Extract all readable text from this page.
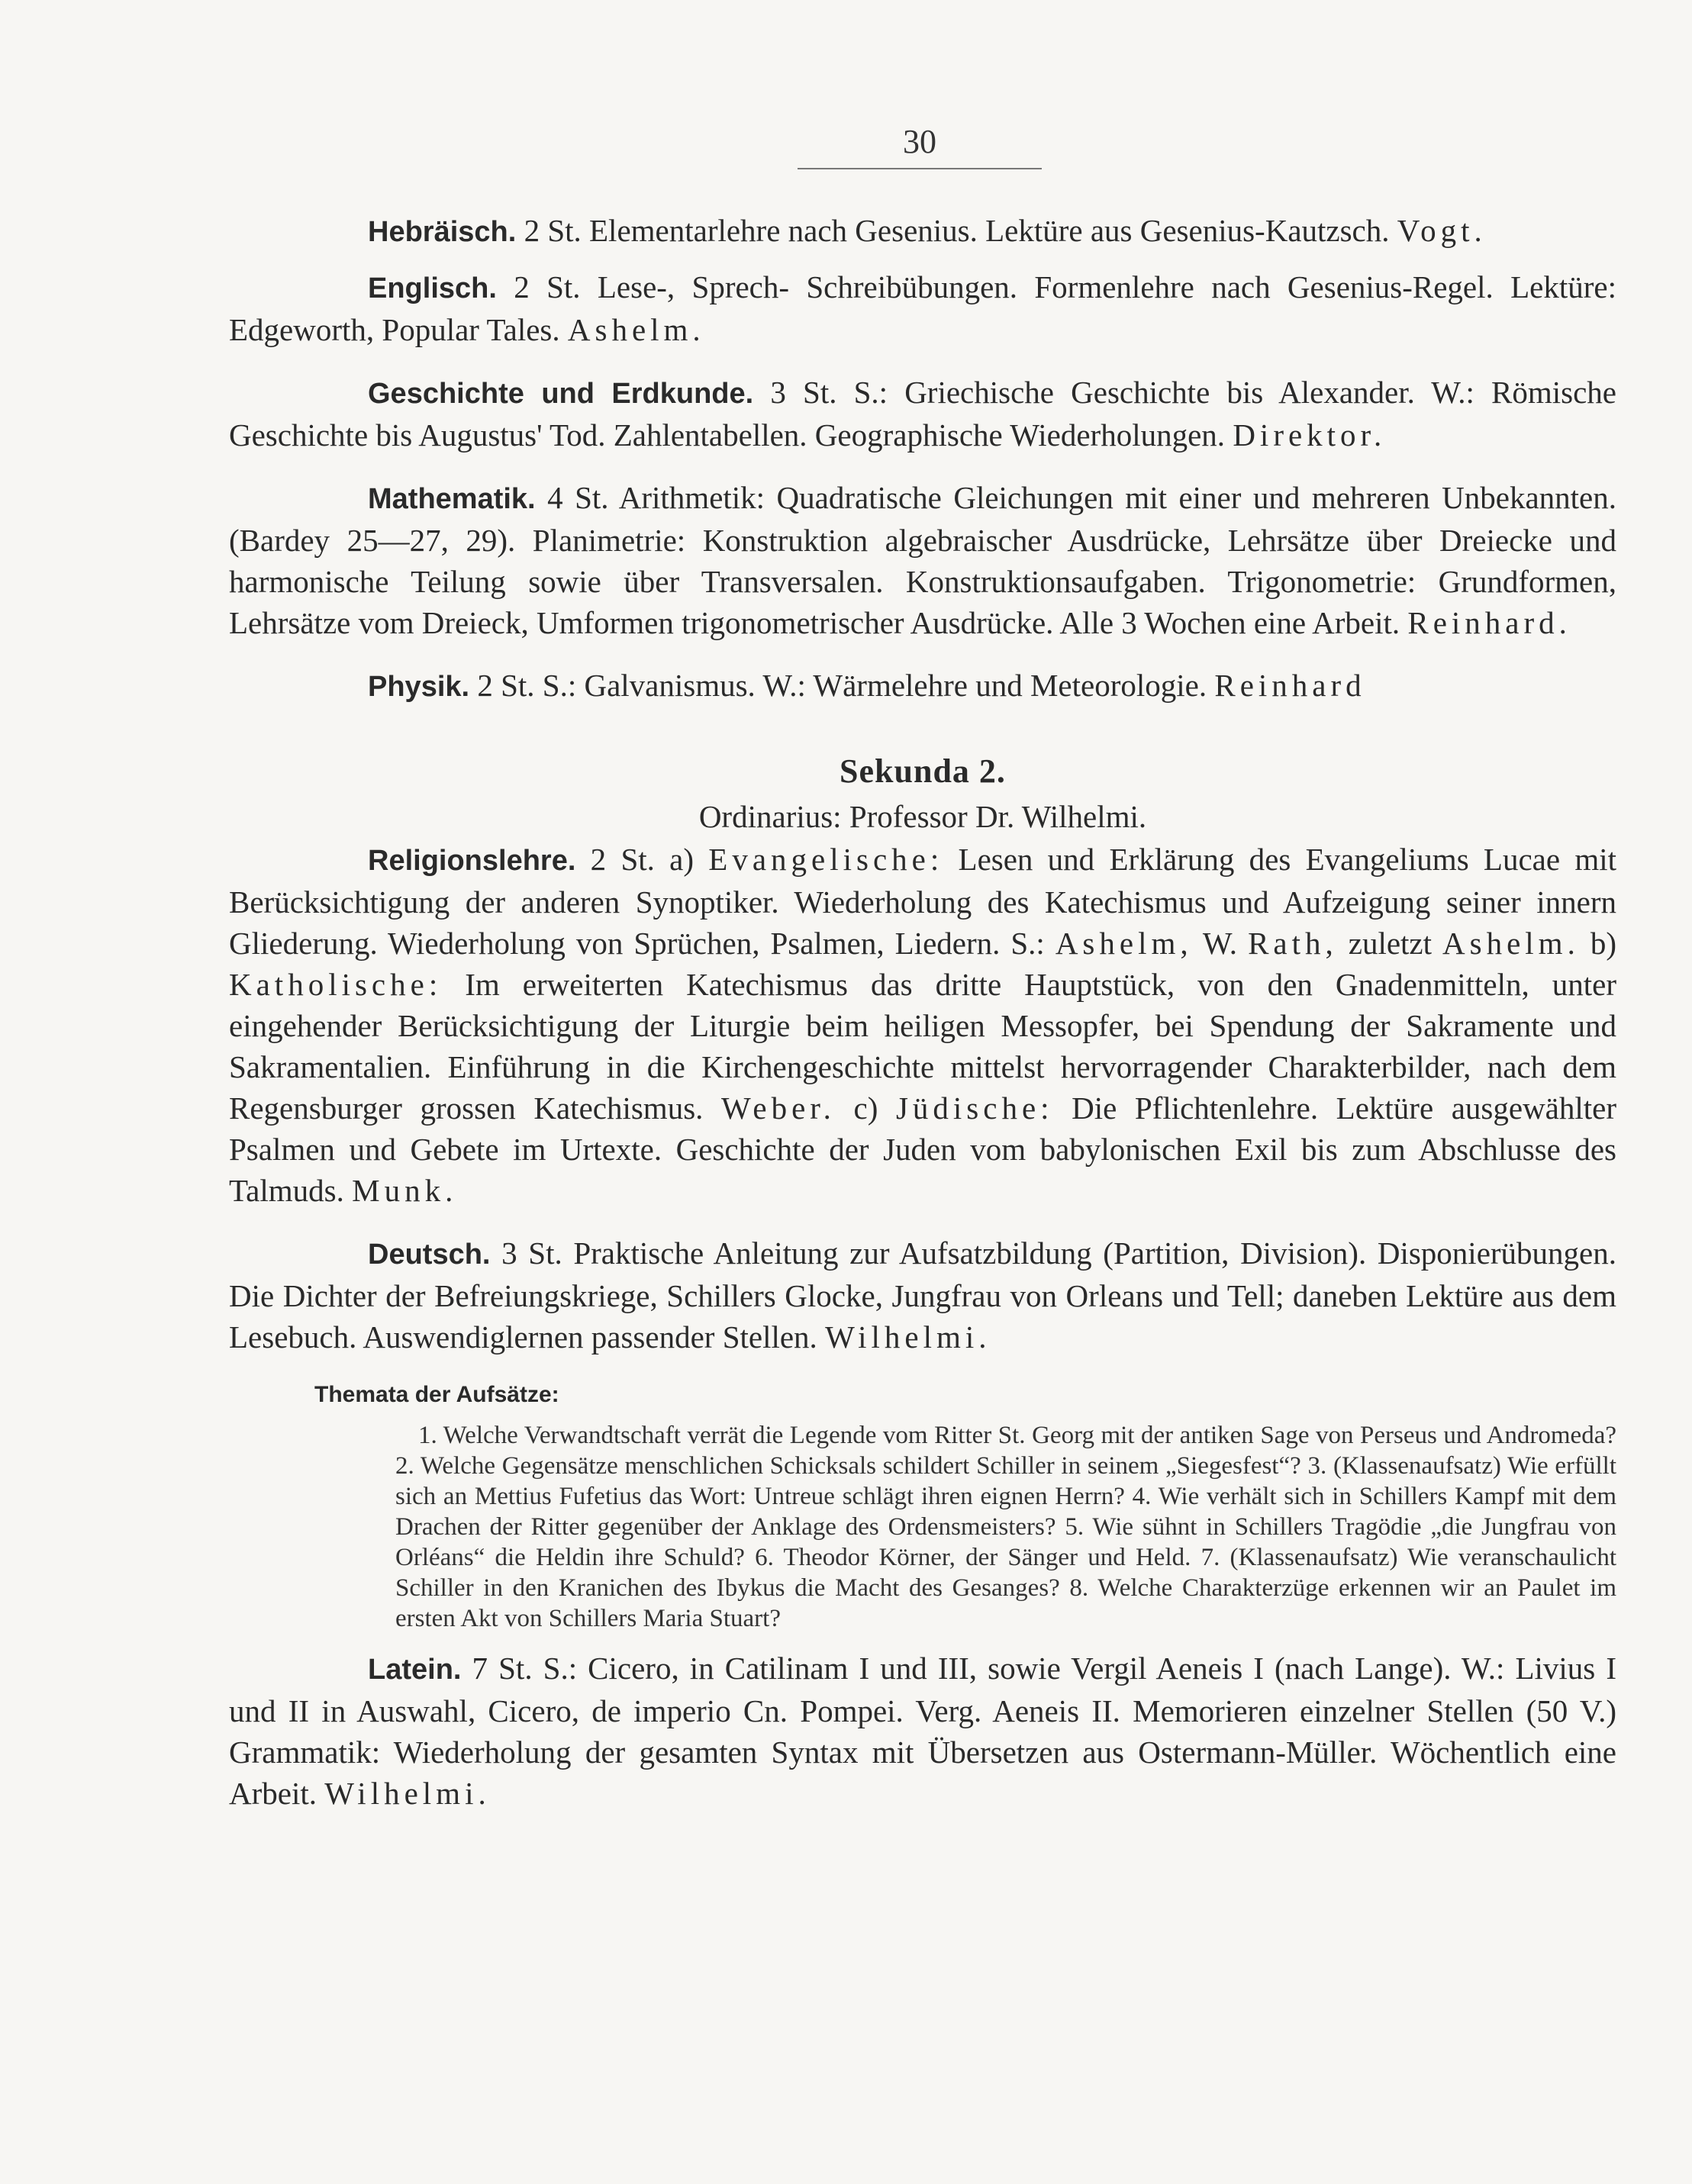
30

Hebräisch. 2 St. Elementarlehre nach Gesenius. Lektüre aus Gesenius-Kautzsch. Vogt.

Englisch. 2 St. Lese-, Sprech- Schreibübungen. Formenlehre nach Gesenius-Regel. Lektüre: Edgeworth, Popular Tales. Ashelm.

Geschichte und Erdkunde. 3 St. S.: Griechische Geschichte bis Alexander. W.: Römische Geschichte bis Augustus' Tod. Zahlentabellen. Geographische Wiederholungen. Direktor.

Mathematik. 4 St. Arithmetik: Quadratische Gleichungen mit einer und mehreren Unbekannten. (Bardey 25—27, 29). Planimetrie: Konstruktion algebraischer Ausdrücke, Lehrsätze über Dreiecke und harmonische Teilung sowie über Transversalen. Konstruktionsaufgaben. Trigonometrie: Grundformen, Lehrsätze vom Dreieck, Umformen trigonometrischer Ausdrücke. Alle 3 Wochen eine Arbeit. Reinhard.

Physik. 2 St. S.: Galvanismus. W.: Wärmelehre und Meteorologie. Reinhard

Sekunda 2.
Ordinarius: Professor Dr. Wilhelmi.

Religionslehre. 2 St. a) Evangelische: Lesen und Erklärung des Evangeliums Lucae mit Berücksichtigung der anderen Synoptiker. Wiederholung des Katechismus und Aufzeigung seiner innern Gliederung. Wiederholung von Sprüchen, Psalmen, Liedern. S.: Ashelm, W. Rath, zuletzt Ashelm. b) Katholische: Im erweiterten Katechismus das dritte Hauptstück, von den Gnadenmitteln, unter eingehender Berücksichtigung der Liturgie beim heiligen Messopfer, bei Spendung der Sakramente und Sakramentalien. Einführung in die Kirchengeschichte mittelst hervorragender Charakterbilder, nach dem Regensburger grossen Katechismus. Weber. c) Jüdische: Die Pflichtenlehre. Lektüre ausgewählter Psalmen und Gebete im Urtexte. Geschichte der Juden vom babylonischen Exil bis zum Abschlusse des Talmuds. Munk.

Deutsch. 3 St. Praktische Anleitung zur Aufsatzbildung (Partition, Division). Disponierübungen. Die Dichter der Befreiungskriege, Schillers Glocke, Jungfrau von Orleans und Tell; daneben Lektüre aus dem Lesebuch. Auswendiglernen passender Stellen. Wilhelmi.

Themata der Aufsätze:

1. Welche Verwandtschaft verrät die Legende vom Ritter St. Georg mit der antiken Sage von Perseus und Andromeda? 2. Welche Gegensätze menschlichen Schicksals schildert Schiller in seinem „Siegesfest“? 3. (Klassenaufsatz) Wie erfüllt sich an Mettius Fufetius das Wort: Untreue schlägt ihren eignen Herrn? 4. Wie verhält sich in Schillers Kampf mit dem Drachen der Ritter gegenüber der Anklage des Ordensmeisters? 5. Wie sühnt in Schillers Tragödie „die Jungfrau von Orléans“ die Heldin ihre Schuld? 6. Theodor Körner, der Sänger und Held. 7. (Klassenaufsatz) Wie veranschaulicht Schiller in den Kranichen des Ibykus die Macht des Gesanges? 8. Welche Charakterzüge erkennen wir an Paulet im ersten Akt von Schillers Maria Stuart?

Latein. 7 St. S.: Cicero, in Catilinam I und III, sowie Vergil Aeneis I (nach Lange). W.: Livius I und II in Auswahl, Cicero, de imperio Cn. Pompei. Verg. Aeneis II. Memorieren einzelner Stellen (50 V.) Grammatik: Wiederholung der gesamten Syntax mit Übersetzen aus Ostermann-Müller. Wöchentlich eine Arbeit. Wilhelmi.
